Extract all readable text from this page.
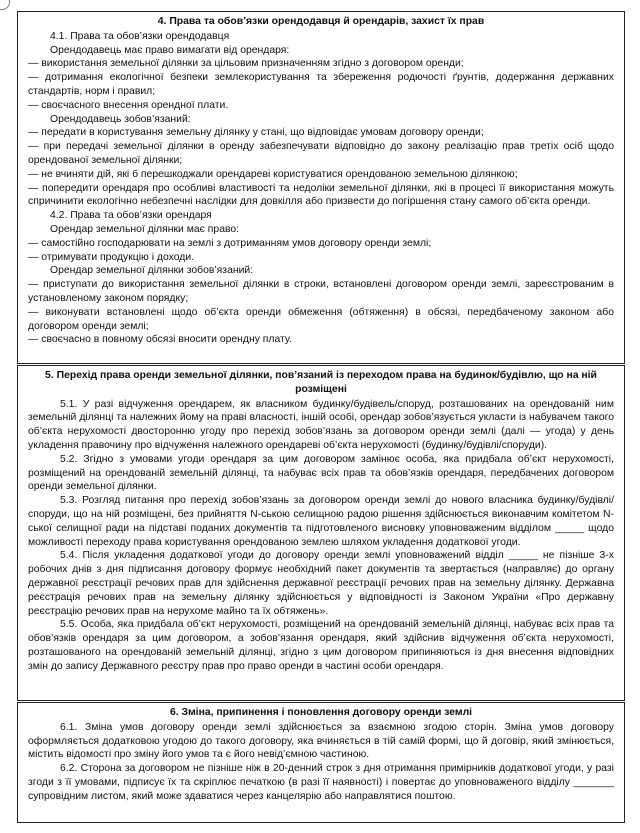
4. Права та обов’язки орендодавця й орендарів, захист їх прав

4.1. Права та обов’язки орендодавця

Орендодавець має право вимагати від орендаря:

— використання земельної ділянки за цільовим призначенням згідно з договором оренди;

— дотримання екологічної безпеки землекористування та збереження родючості ґрунтів, додержання державних стандартів, норм і правил;

— своєчасного внесення орендної плати.

Орендодавець зобов’язаний:

— передати в користування земельну ділянку у стані, що відповідає умовам договору оренди;

— при передачі земельної ділянки в оренду забезпечувати відповідно до закону реалізацію прав третіх осіб щодо орендованої земельної ділянки;

— не вчиняти дій, які б перешкоджали орендареві користуватися орендованою земельною ділянкою;

— попередити орендаря про особливі властивості та недоліки земельної ділянки, які в процесі її використання можуть спричинити екологічно небезпечні наслідки для довкілля або призвести до погіршення стану самого об’єкта оренди.

4.2. Права та обов’язки орендаря

Орендар земельної ділянки має право:

— самостійно господарювати на землі з дотриманням умов договору оренди землі;

— отримувати продукцію і доходи.

Орендар земельної ділянки зобов’язаний:

— приступати до використання земельної ділянки в строки, встановлені договором оренди землі, зареєстрованим в установленому законом порядку;

— виконувати встановлені щодо об’єкта оренди обмеження (обтяження) в обсязі, передбаченому законом або договором оренди землі;

— своєчасно в повному обсязі вносити орендну плату.

5. Перехід права оренди земельної ділянки, пов’язаний із переходом права на будинок/будівлю, що на ній розміщені

5.1. У разі відчуження орендарем, як власником будинку/будівель/споруд, розташованих на орендованій ним земельній ділянці та належних йому на праві власності, іншій особі, орендар зобов’язується укласти із набувачем такого об’єкта нерухомості двосторонню угоду про перехід зобов’язань за договором оренди землі (далі — угода) у день укладення правочину про відчуження належного орендареві об’єкта нерухомості (будинку/будівлі/споруди).

5.2. Згідно з умовами угоди орендаря за цим договором замінює особа, яка придбала об’єкт нерухомості, розміщений на орендованій земельній ділянці, та набуває всіх прав та обов’язків орендаря, передбачених договором оренди земельної ділянки.

5.3. Розгляд питання про перехід зобов’язань за договором оренди землі до нового власника будинку/будівлі/споруди, що на ній розміщені, без прийняття N-ською селищною радою рішення здійснюється виконавчим комітетом N-ської селищної ради на підставі поданих документів та підготовленого висновку уповноваженим відділом _____ щодо можливості переходу права користування орендованою землею шляхом укладення додаткової угоди.

5.4. Після укладення додаткової угоди до договору оренди землі уповноважений відділ _____ не пізніше 3-х робочих днів з дня підписання договору формує необхідний пакет документів та звертається (направляє) до органу державної реєстрації речових прав для здійснення державної реєстрації речових прав на земельну ділянку. Державна реєстрація речових прав на земельну ділянку здійснюється у відповідності із Законом України «Про державну реєстрацію речових прав на нерухоме майно та їх обтяжень».

5.5. Особа, яка придбала об’єкт нерухомості, розміщений на орендованій земельній ділянці, набуває всіх прав та обов’язків орендаря за цим договором, а зобов’язання орендаря, який здійснив відчуження об’єкта нерухомості, розташованого на орендованій земельній ділянці, згідно з цим договором припиняються із дня внесення відповідних змін до запису Державного реєстру прав про право оренди в частині особи орендаря.

6. Зміна, припинення і поновлення договору оренди землі

6.1. Зміна умов договору оренди землі здійснюється за взаємною згодою сторін. Зміна умов договору оформляється додатковою угодою до такого договору, яка вчиняється в тій самій формі, що й договір, який змінюється, містить відомості про зміну його умов та є його невід’ємною частиною.

6.2. Сторона за договором не пізніше ніж в 20-денний строк з дня отримання примірників додаткової угоди, у разі згоди з її умовами, підписує їх та скріплює печаткою (в разі її наявності) і повертає до уповноваженого відділу _______ супровідним листом, який може здаватися через канцелярію або направлятися поштою.
